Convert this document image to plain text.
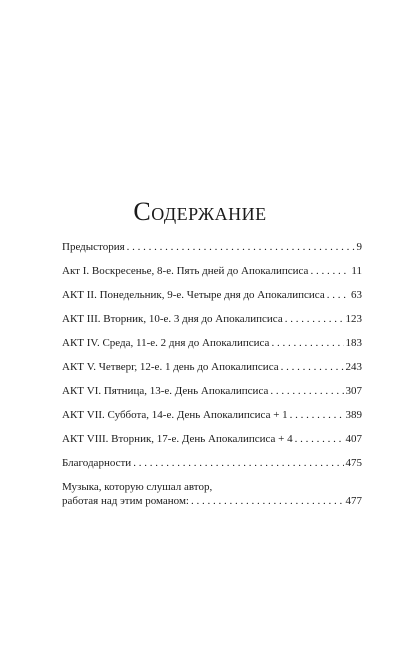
Содержание
Предыстория . . .	9
Акт I. Воскресенье, 8-е. Пять дней до Апокалипсиса . . .	11
АКТ II. Понедельник, 9-е. Четыре дня до Апокалипсиса . . . 63
АКТ III. Вторник, 10-е. 3 дня до Апокалипсиса . . .	123
АКТ IV. Среда, 11-е. 2 дня до Апокалипсиса . . .	183
АКТ V. Четверг, 12-е. 1 день до Апокалипсиса . . .	243
АКТ VI. Пятница, 13-е. День Апокалипсиса . . .	307
АКТ VII. Суббота, 14-е. День Апокалипсиса + 1 . . .	389
АКТ VIII. Вторник, 17-е. День Апокалипсиса + 4 . . .	407
Благодарности . . .	475
Музыка, которую слушал автор,
работая над этим романом: . . .	477
